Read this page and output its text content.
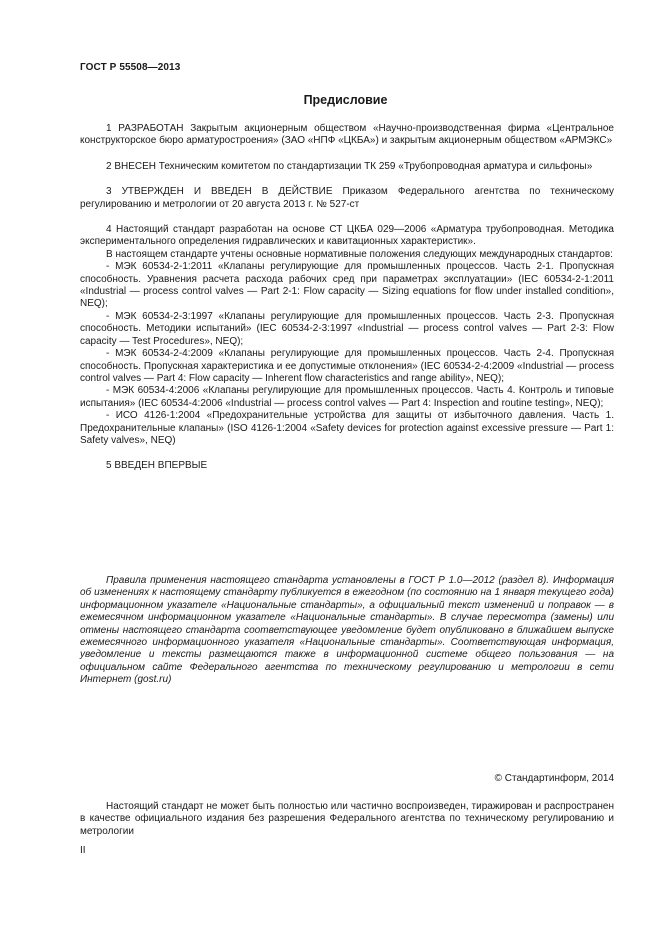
ГОСТ Р 55508—2013
Предисловие

1 РАЗРАБОТАН Закрытым акционерным обществом «Научно-производственная фирма «Центральное конструкторское бюро арматуростроения» (ЗАО «НПФ «ЦКБА») и закрытым акционерным обществом «АРМЭКС»

2 ВНЕСЕН Техническим комитетом по стандартизации ТК 259 «Трубопроводная арматура и сильфоны»

3 УТВЕРЖДЕН И ВВЕДЕН В ДЕЙСТВИЕ Приказом Федерального агентства по техническому регулированию и метрологии от 20 августа 2013 г. № 527-ст

4 Настоящий стандарт разработан на основе СТ ЦКБА 029—2006 «Арматура трубопроводная. Методика экспериментального определения гидравлических и кавитационных характеристик».

В настоящем стандарте учтены основные нормативные положения следующих международных стандартов:

- МЭК 60534-2-1:2011 «Клапаны регулирующие для промышленных процессов. Часть 2-1. Пропускная способность. Уравнения расчета расхода рабочих сред при параметрах эксплуатации» (IEC 60534-2-1:2011 «Industrial — process control valves — Part 2-1: Flow capacity — Sizing equations for flow under installed condition», NEQ);

- МЭК 60534-2-3:1997 «Клапаны регулирующие для промышленных процессов. Часть 2-3. Пропускная способность. Методики испытаний» (IEC 60534-2-3:1997 «Industrial — process control valves — Part 2-3: Flow capacity — Test Procedures», NEQ);

- МЭК 60534-2-4:2009 «Клапаны регулирующие для промышленных процессов. Часть 2-4. Пропускная способность. Пропускная характеристика и ее допустимые отклонения» (IEC 60534-2-4:2009 «Industrial — process control valves — Part 4: Flow capacity — Inherent flow characteristics and range ability», NEQ);

- МЭК 60534-4:2006 «Клапаны регулирующие для промышленных процессов. Часть 4. Контроль и типовые испытания» (IEC 60534-4:2006 «Industrial — process control valves — Part 4: Inspection and routine testing», NEQ);

- ИСО 4126-1:2004 «Предохранительные устройства для защиты от избыточного давления. Часть 1. Предохранительные клапаны» (ISO 4126-1:2004 «Safety devices for protection against excessive pressure — Part 1: Safety valves», NEQ)

5 ВВЕДЕН ВПЕРВЫЕ

Правила применения настоящего стандарта установлены в ГОСТ Р 1.0—2012 (раздел 8). Информация об изменениях к настоящему стандарту публикуется в ежегодном (по состоянию на 1 января текущего года) информационном указателе «Национальные стандарты», а официальный текст изменений и поправок — в ежемесячном информационном указателе «Национальные стандарты». В случае пересмотра (замены) или отмены настоящего стандарта соответствующее уведомление будет опубликовано в ближайшем выпуске ежемесячного информационного указателя «Национальные стандарты». Соответствующая информация, уведомление и тексты размещаются также в информационной системе общего пользования — на официальном сайте Федерального агентства по техническому регулированию и метрологии в сети Интернет (gost.ru)

© Стандартинформ, 2014

Настоящий стандарт не может быть полностью или частично воспроизведен, тиражирован и распространен в качестве официального издания без разрешения Федерального агентства по техническому регулированию и метрологии

II
